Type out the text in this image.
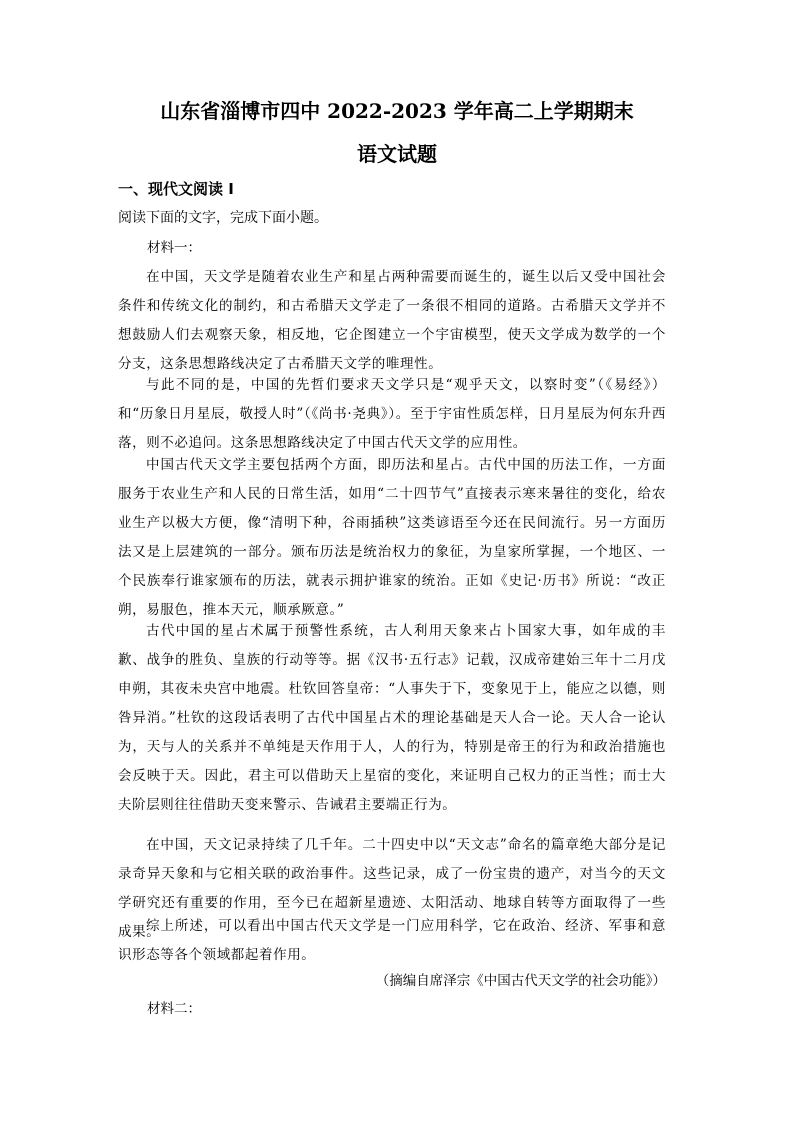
山东省淄博市四中 2022-2023 学年高二上学期期末
语文试题
一、现代文阅读 I
阅读下面的文字，完成下面小题。
材料一：

在中国，天文学是随着农业生产和星占两种需要而诞生的，诞生以后又受中国社会条件和传统文化的制约，和古希腊天文学走了一条很不相同的道路。古希腊天文学并不想鼓励人们去观察天象，相反地，它企图建立一个宇宙模型，使天文学成为数学的一个分支，这条思想路线决定了古希腊天文学的唯理性。

与此不同的是，中国的先哲们要求天文学只是“观乎天文，以察时变”（《易经》）和“历象日月星辰，敬授人时”（《尚书·尧典》）。至于宇宙性质怎样，日月星辰为何东升西落，则不必追问。这条思想路线决定了中国古代天文学的应用性。

中国古代天文学主要包括两个方面，即历法和星占。古代中国的历法工作，一方面服务于农业生产和人民的日常生活，如用“二十四节气”直接表示寒来暑往的变化，给农业生产以极大方便，像“清明下种，谷雨插秧”这类谚语至今还在民间流行。另一方面历法又是上层建筑的一部分。颁布历法是统治权力的象征，为皇家所掌握，一个地区、一个民族奉行谁家颁布的历法，就表示拥护谁家的统治。正如《史记·历书》所说：“改正朔，易服色，推本天元，顺承厥意。”

古代中国的星占术属于预警性系统，古人利用天象来占卜国家大事，如年成的丰歉、战争的胜负、皇族的行动等等。据《汉书·五行志》记载，汉成帝建始三年十二月戊申朔，其夜未央宫中地震。杜钦回答皇帝：“人事失于下，变象见于上，能应之以德，则咎异消。”杜钦的这段话表明了古代中国星占术的理论基础是天人合一论。天人合一论认为，天与人的关系并不单纯是天作用于人，人的行为，特别是帝王的行为和政治措施也会反映于天。因此，君主可以借助天上星宿的变化，来证明自己权力的正当性；而士大夫阶层则往往借助天变来警示、告诫君主要端正行为。

在中国，天文记录持续了几千年。二十四史中以“天文志”命名的篇章绝大部分是记录奇异天象和与它相关联的政治事件。这些记录，成了一份宝贵的遗产，对当今的天文学研究还有重要的作用，至今已在超新星遗迹、太阳活动、地球自转等方面取得了一些成果。

综上所述，可以看出中国古代天文学是一门应用科学，它在政治、经济、军事和意识形态等各个领域都起着作用。

（摘编自席泽宗《中国古代天文学的社会功能》）
材料二：
